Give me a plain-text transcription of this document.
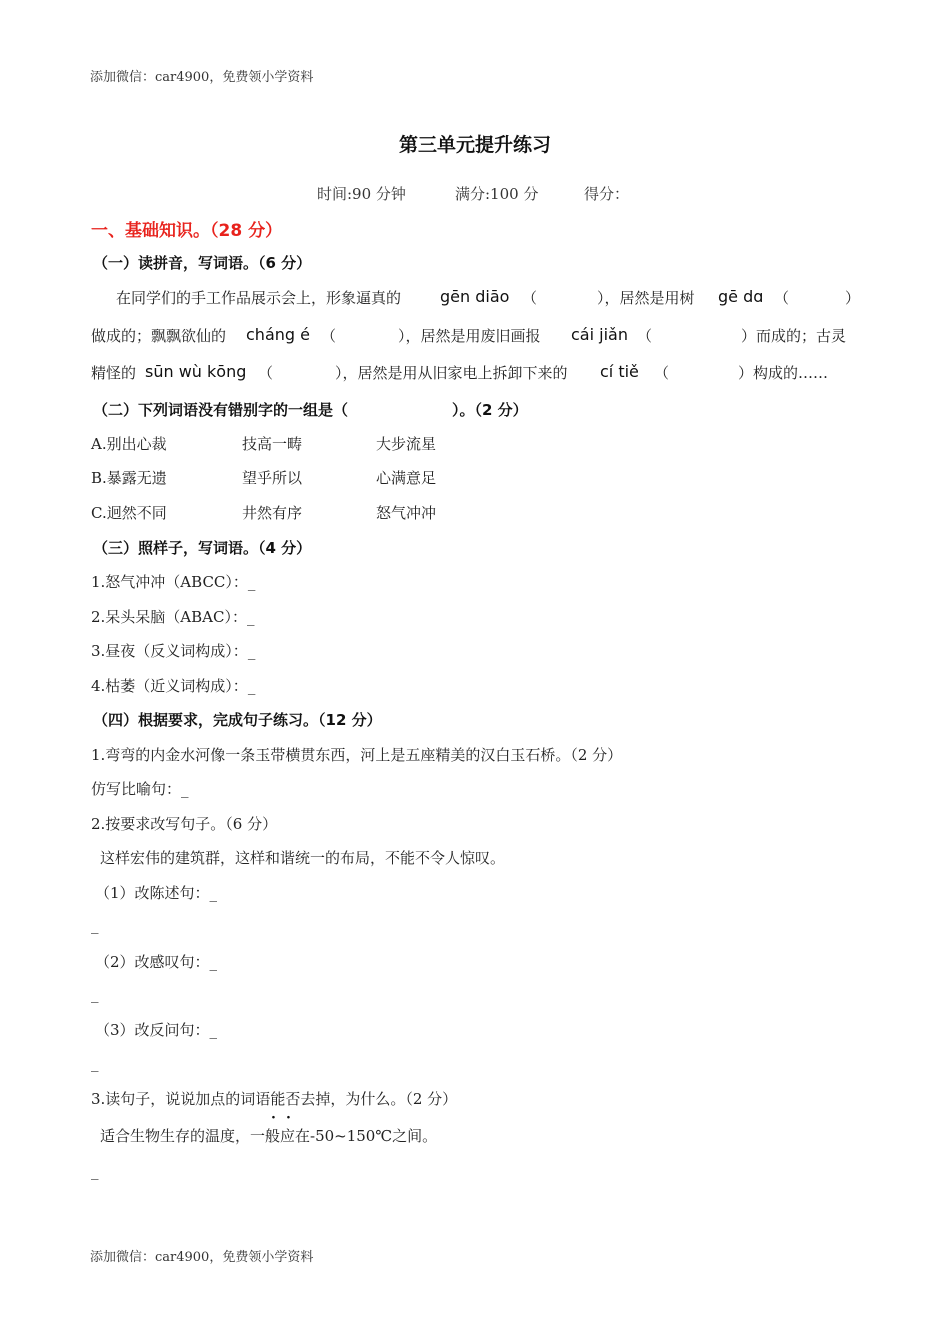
添加微信：car4900，免费领小学资料
第三单元提升练习
时间:90 分钟	满分:100 分	得分：
一、基础知识。（28 分）
（一）读拼音，写词语。（6 分）
在同学们的手工作品展示会上，形象逼真的 gēn diāo （	），居然是用树 gē dɑ （	）
做成的；飘飘欲仙的 cháng é （	），居然是用废旧画报 cái jiǎn （	）而成的；古灵
精怪的 sūn wù kōng （	），居然是用从旧家电上拆卸下来的 cí tiě （	）构成的……
（二）下列词语没有错别字的一组是（	）。（2 分）
A.别出心裁	技高一畴	大步流星
B.暴露无遗	望乎所以	心满意足
C.迥然不同	井然有序	怒气冲冲
（三）照样子，写词语。（4 分）
1.怒气冲冲（ABCC）：_
2.呆头呆脑（ABAC）：_
3.昼夜（反义词构成）：_
4.枯萎（近义词构成）：_
（四）根据要求，完成句子练习。（12 分）
1.弯弯的内金水河像一条玉带横贯东西，河上是五座精美的汉白玉石桥。（2 分）
仿写比喻句：_
2.按要求改写句子。（6 分）
这样宏伟的建筑群，这样和谐统一的布局，不能不令人惊叹。
（1）改陈述句：_
_
（2）改感叹句：_
_
（3）改反问句：_
_
3.读句子，说说加点的词语能否去掉，为什么。（2 分）
· ·
适合生物生存的温度，一般应在-50~150℃之间。
_
添加微信：car4900，免费领小学资料
